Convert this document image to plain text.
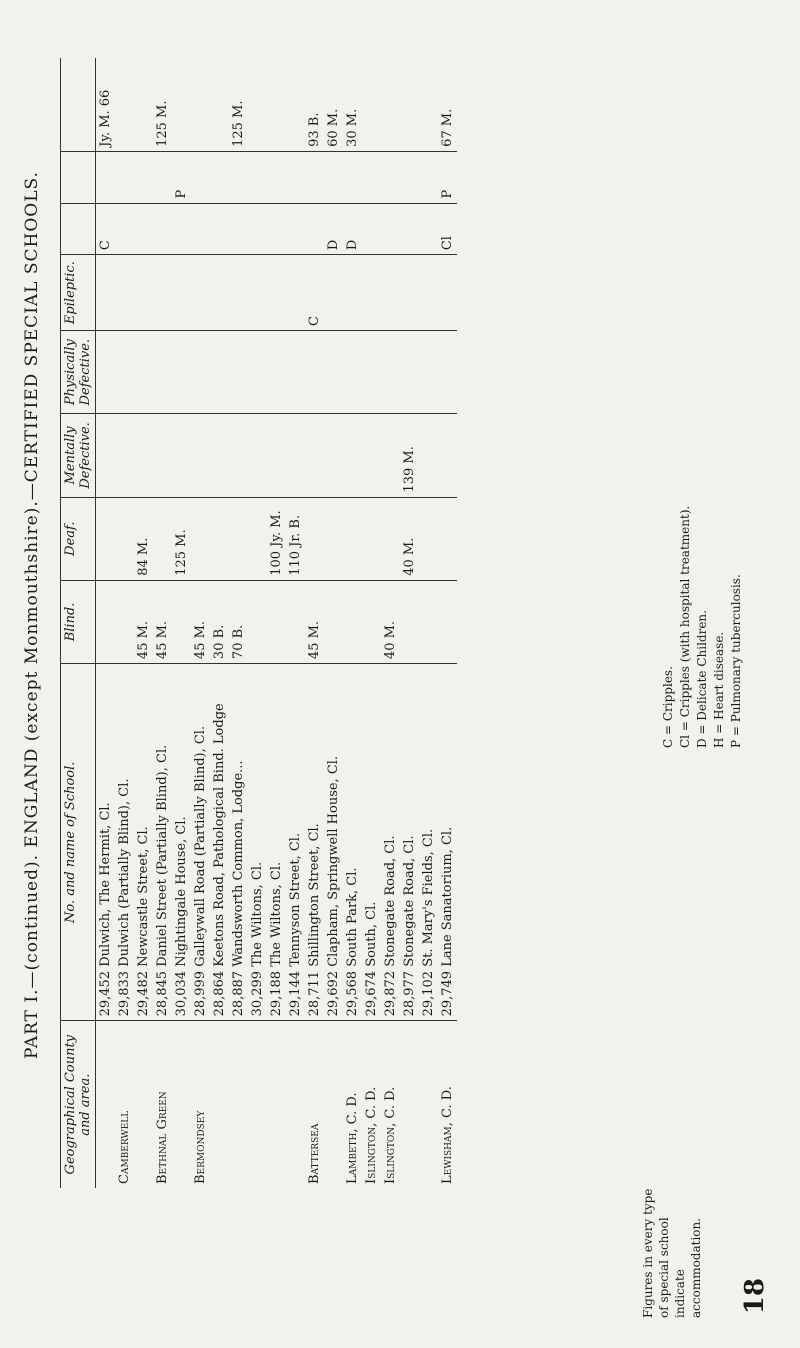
18
PART I.—(continued). ENGLAND (except Monmouthshire).—CERTIFIED SPECIAL SCHOOLS.
Geographical County and area.	No. and name of School.	Blind.	Deaf.	Mentally Defective.	Physically Defective.	Epileptic.			
	29,452 Dulwich, The Hermit, Cl.						C		Jy. M. 66
Camberwell	29,833 Dulwich (Partially Blind), Cl.								
	29,482 Newcastle Street, Cl.	45 M.	84 M.						
Bethnal Green	28,845 Daniel Street (Partially Blind), Cl.	45 M.							125 M.
	30,034 Nightingale House, Cl.		125 M.					P	
Bermondsey	28,999 Galleywall Road (Partially Blind), Cl.	45 M.							
	28,864 Keetons Road, Pathological Bind. Lodge	30 B.							
	28,887 Wandsworth Common, Lodge...	70 B.							125 M.
	30,299 The Wiltons, Cl.								
	29,188 The Wiltons, Cl.		100 Jy. M.						
	29,144 Tennyson Street, Cl.		110 Jr. B.						
Battersea	28,711 Shillington Street, Cl.	45 M.				C			93 B.
	29,692 Clapham, Springwell House, Cl.						D		60 M.
Lambeth, C. D.	29,568 South Park, Cl.						D		30 M.
Islington, C. D.	29,674 South, Cl.								
Islington, C. D.	29,872 Stonegate Road, Cl.	40 M.							
	28,977 Stonegate Road, Cl.		40 M.	139 M.					
	29,102 St. Mary's Fields, Cl.								
Lewisham, C. D.	29,749 Lane Sanatorium, Cl.						Cl	P	67 M.
C = Cripples. Cl = Cripples (with hospital treatment). D = Delicate Children. H = Heart disease. P = Pulmonary tuberculosis.
Figures in every type of special school indicate accommodation.
